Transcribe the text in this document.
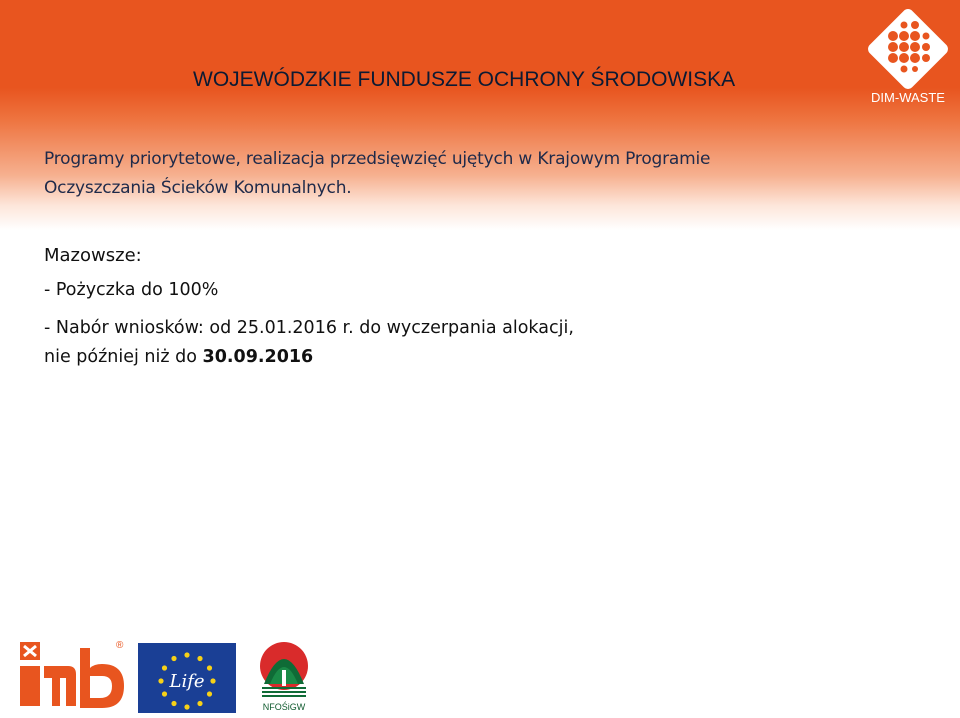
WOJEWÓDZKIE FUNDUSZE OCHRONY ŚRODOWISKA
DIM-WASTE
Programy priorytetowe, realizacja przedsięwzięć ujętych w Krajowym Programie
Oczyszczania Ścieków Komunalnych.
Mazowsze:
- Pożyczka do 100%
- Nabór wniosków: od 25.01.2016 r. do wyczerpania alokacji,
nie później niż do 30.09.2016
®
Life
NFOŚiGW
